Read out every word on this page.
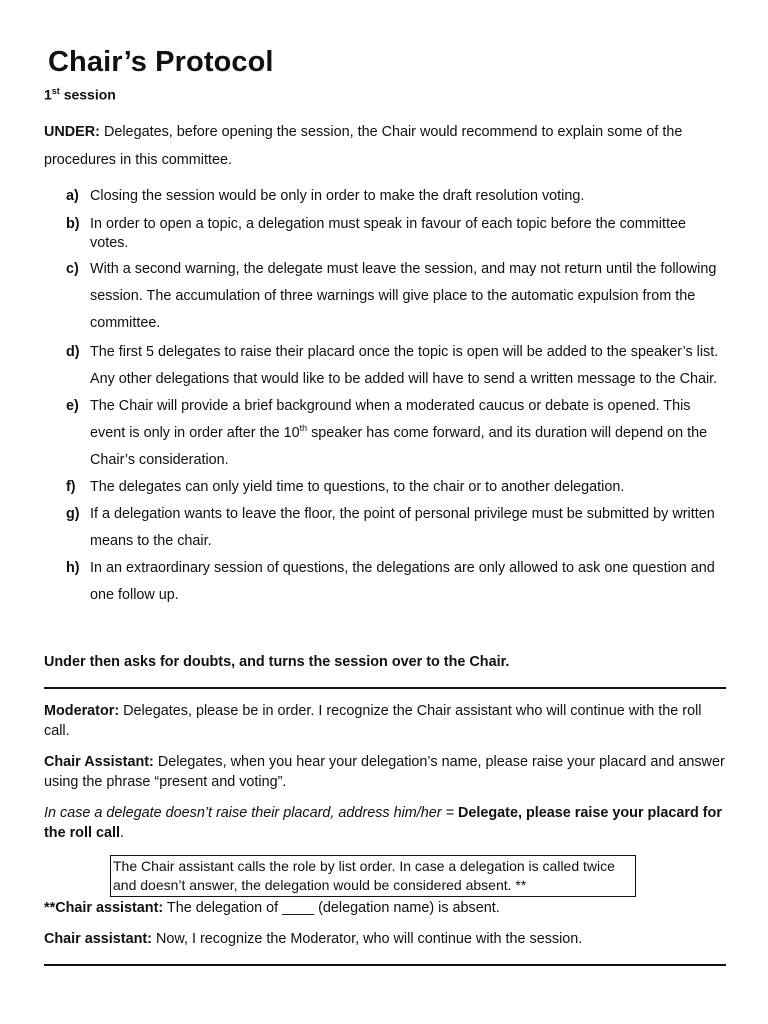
Chair’s Protocol
1st session

UNDER: Delegates, before opening the session, the Chair would recommend to explain some of the procedures in this committee.

a) Closing the session would be only in order to make the draft resolution voting.
b) In order to open a topic, a delegation must speak in favour of each topic before the committee votes.
c) With a second warning, the delegate must leave the session, and may not return until the following session. The accumulation of three warnings will give place to the automatic expulsion from the committee.
d) The first 5 delegates to raise their placard once the topic is open will be added to the speaker’s list. Any other delegations that would like to be added will have to send a written message to the Chair.
e) The Chair will provide a brief background when a moderated caucus or debate is opened. This event is only in order after the 10th speaker has come forward, and its duration will depend on the Chair’s consideration.
f)	The delegates can only yield time to questions, to the chair or to another delegation.
g) If a delegation wants to leave the floor, the point of personal privilege must be submitted by written means to the chair.
h) In an extraordinary session of questions, the delegations are only allowed to ask one question and one follow up.

Under then asks for doubts, and turns the session over to the Chair.

Moderator: Delegates, please be in order. I recognize the Chair assistant who will continue with the roll call.

Chair Assistant: Delegates, when you hear your delegation’s name, please raise your placard and answer using the phrase “present and voting”.

In case a delegate doesn’t raise their placard, address him/her = Delegate, please raise your placard for the roll call.

The Chair assistant calls the role by list order. In case a delegation is called twice and doesn’t answer, the delegation would be considered absent. **

**Chair assistant: The delegation of ____ (delegation name) is absent.

Chair assistant: Now, I recognize the Moderator, who will continue with the session.
